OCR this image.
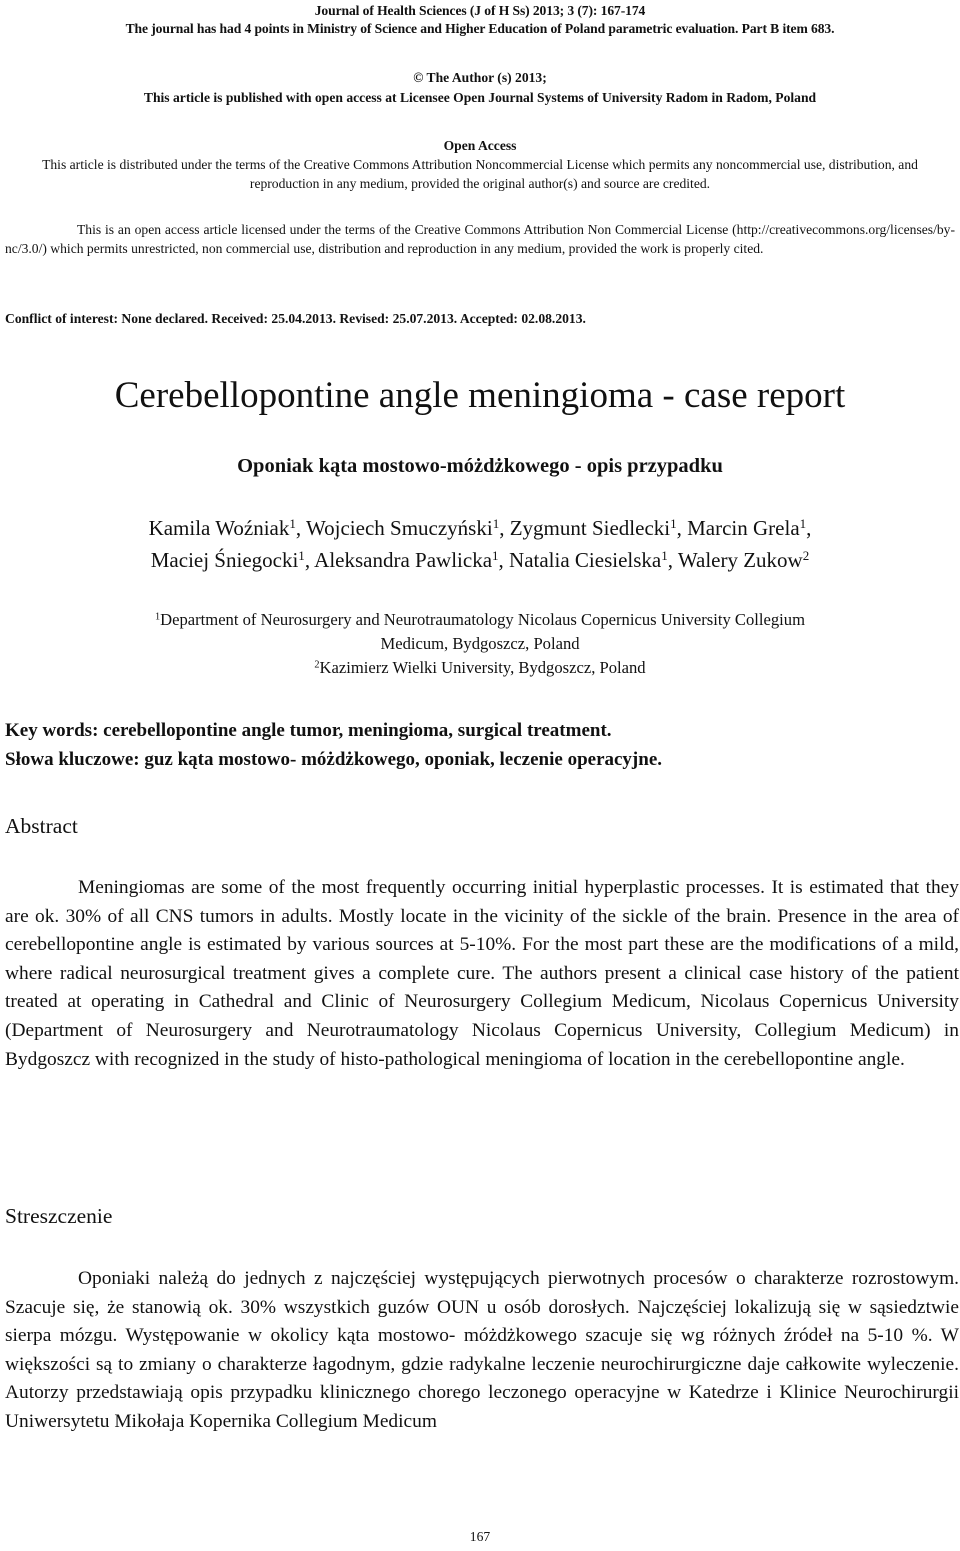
Journal of Health Sciences (J of H Ss) 2013; 3 (7): 167-174
The journal has had 4 points in Ministry of Science and Higher Education of Poland parametric evaluation. Part B item 683.
© The Author (s) 2013;
This article is published with open access at Licensee Open Journal Systems of University Radom in Radom, Poland
Open Access
This article is distributed under the terms of the Creative Commons Attribution Noncommercial License which permits any noncommercial use, distribution, and reproduction in any medium, provided the original author(s) and source are credited.
This is an open access article licensed under the terms of the Creative Commons Attribution Non Commercial License (http://creativecommons.org/licenses/by-nc/3.0/) which permits unrestricted, non commercial use, distribution and reproduction in any medium, provided the work is properly cited.
Conflict of interest: None declared. Received: 25.04.2013. Revised: 25.07.2013. Accepted: 02.08.2013.
Cerebellopontine angle meningioma - case report
Oponiak kąta mostowo-móżdżkowego - opis przypadku
Kamila Woźniak$^1$, Wojciech Smuczyński$^1$, Zygmunt Siedlecki$^1$, Marcin Grela$^1$,
Maciej Śniegocki$^1$, Aleksandra Pawlicka$^1$, Natalia Ciesielska$^1$, Walery Zukow$^2$
$^1$Department of Neurosurgery and Neurotraumatology Nicolaus Copernicus University Collegium
Medicum, Bydgoszcz, Poland
$^2$Kazimierz Wielki University, Bydgoszcz, Poland
Key words: cerebellopontine angle tumor, meningioma, surgical treatment.
Słowa kluczowe: guz kąta mostowo- móżdżkowego, oponiak, leczenie operacyjne.
Abstract
Meningiomas are some of the most frequently occurring initial hyperplastic processes. It is estimated that they are ok. 30% of all CNS tumors in adults. Mostly locate in the vicinity of the sickle of the brain. Presence in the area of cerebellopontine angle is estimated by various sources at 5-10%. For the most part these are the modifications of a mild, where radical neurosurgical treatment gives a complete cure. The authors present a clinical case history of the patient treated at operating in Cathedral and Clinic of Neurosurgery Collegium Medicum, Nicolaus Copernicus University (Department of Neurosurgery and Neurotraumatology Nicolaus Copernicus University, Collegium Medicum) in Bydgoszcz with recognized in the study of histo-pathological meningioma of location in the cerebellopontine angle.
Streszczenie
Oponiaki należą do jednych z najczęściej występujących pierwotnych procesów o charakterze rozrostowym. Szacuje się, że stanowią ok. 30% wszystkich guzów OUN u osób dorosłych. Najczęściej lokalizują się w sąsiedztwie sierpa mózgu. Występowanie w okolicy kąta mostowo- móżdżkowego szacuje się wg różnych źródeł na 5-10 %. W większości są to zmiany o charakterze łagodnym, gdzie radykalne leczenie neurochirurgiczne daje całkowite wyleczenie. Autorzy przedstawiają opis przypadku klinicznego chorego leczonego operacyjne w Katedrze i Klinice Neurochirurgii Uniwersytetu Mikołaja Kopernika Collegium Medicum
167
